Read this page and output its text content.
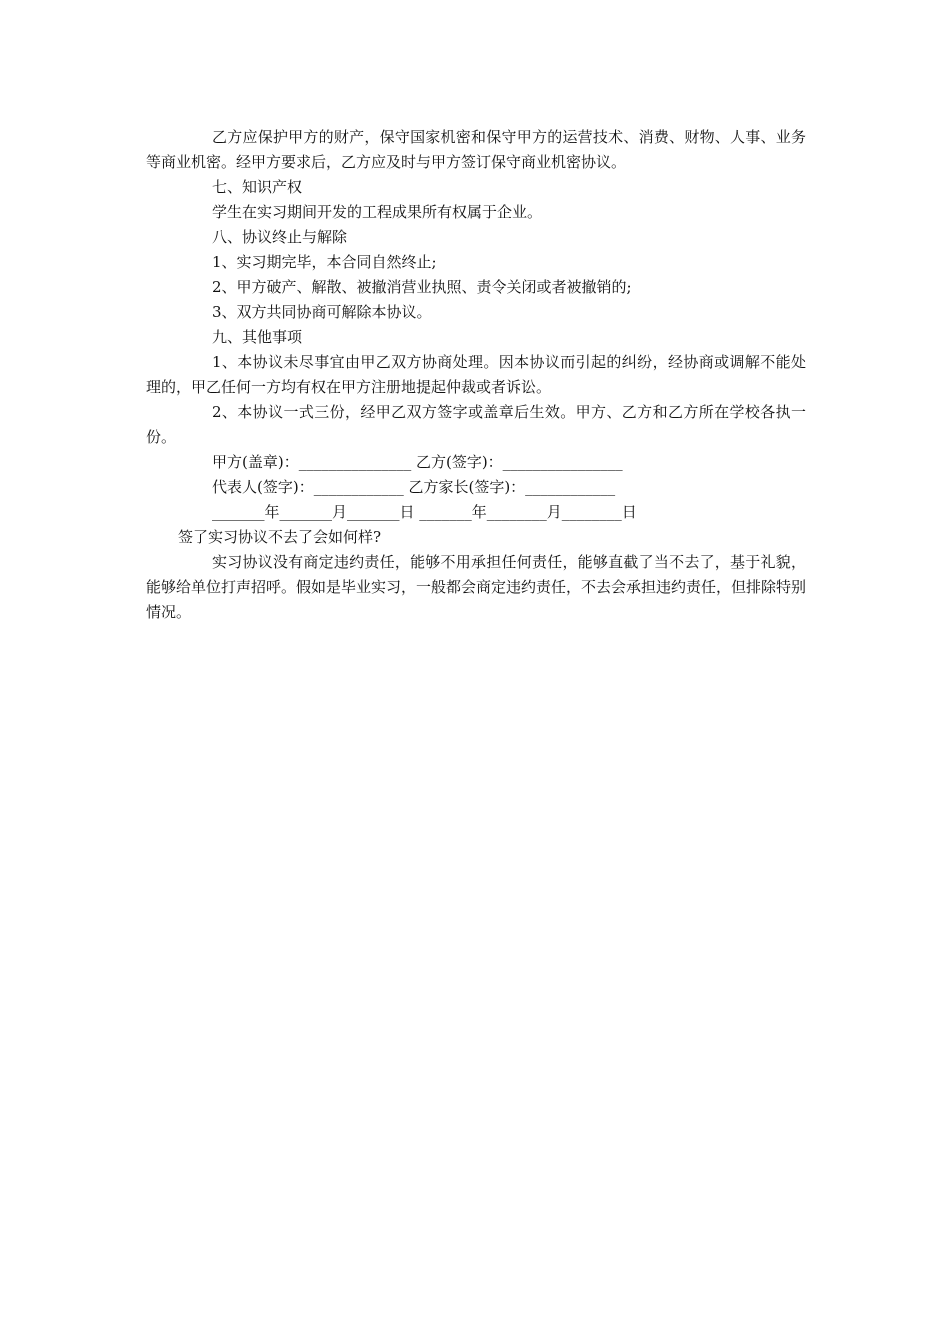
乙方应保护甲方的财产，保守国家机密和保守甲方的运营技术、消费、财物、人事、业务等商业机密。经甲方要求后，乙方应及时与甲方签订保守商业机密协议。

七、知识产权

学生在实习期间开发的工程成果所有权属于企业。

八、协议终止与解除

1、实习期完毕，本合同自然终止;

2、甲方破产、解散、被撤消营业执照、责令关闭或者被撤销的;

3、双方共同协商可解除本协议。

九、其他事项

1、本协议未尽事宜由甲乙双方协商处理。因本协议而引起的纠纷，经协商或调解不能处理的，甲乙任何一方均有权在甲方注册地提起仲裁或者诉讼。

2、本协议一式三份，经甲乙双方签字或盖章后生效。甲方、乙方和乙方所在学校各执一份。

甲方(盖章)：_______________ 乙方(签字)：________________

代表人(签字)：____________ 乙方家长(签字)：____________

_______年_______月_______日 _______年________月________日

签了实习协议不去了会如何样?

实习协议没有商定违约责任，能够不用承担任何责任，能够直截了当不去了，基于礼貌，能够给单位打声招呼。假如是毕业实习，一般都会商定违约责任，不去会承担违约责任，但排除特别情况。
